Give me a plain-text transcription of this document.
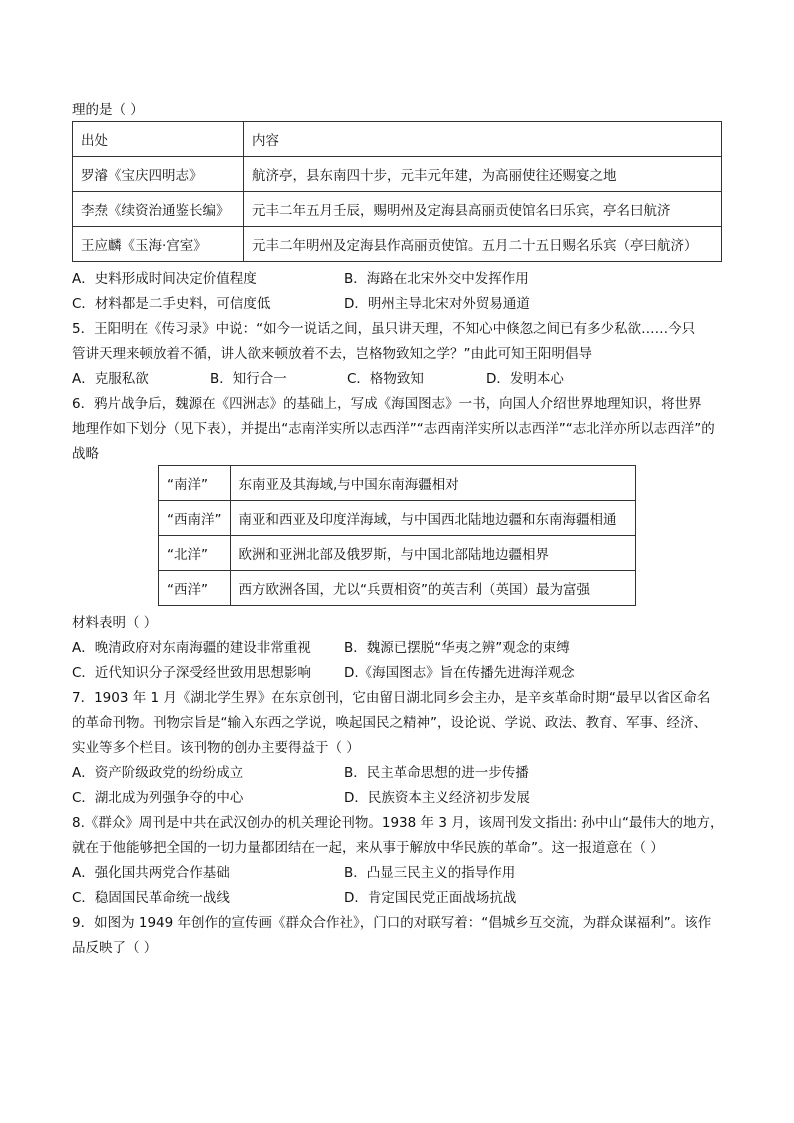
理的是（ ）
出处	内容
罗濬《宝庆四明志》	航济亭，县东南四十步，元丰元年建，为高丽使往还赐宴之地
李焘《续资治通鉴长编》	元丰二年五月壬辰，赐明州及定海县高丽贡使馆名曰乐宾，亭名曰航济
王应麟《玉海·宫室》	元丰二年明州及定海县作高丽贡使馆。五月二十五日赐名乐宾（亭曰航济）
A．史料形成时间决定价值程度	B．海路在北宋外交中发挥作用
C．材料都是二手史料，可信度低	D．明州主导北宋对外贸易通道
5．王阳明在《传习录》中说：“如今一说话之间，虽只讲天理，不知心中倏忽之间已有多少私欲……今只
管讲天理来顿放着不循，讲人欲来顿放着不去，岂格物致知之学？”由此可知王阳明倡导
A．克服私欲	B．知行合一	C．格物致知	D．发明本心
6．鸦片战争后，魏源在《四洲志》的基础上，写成《海国图志》一书，向国人介绍世界地理知识，将世界
地理作如下划分（见下表），并提出“志南洋实所以志西洋”“志西南洋实所以志西洋”“志北洋亦所以志西洋”的
战略
“南洋”	东南亚及其海域,与中国东南海疆相对
“西南洋”	南亚和西亚及印度洋海域，与中国西北陆地边疆和东南海疆相通
“北洋”	欧洲和亚洲北部及俄罗斯，与中国北部陆地边疆相界
“西洋”	西方欧洲各国，尤以“兵贾相资”的英吉利（英国）最为富强
材料表明（ ）
A．晚清政府对东南海疆的建设非常重视 B．魏源已摆脱“华夷之辨”观念的束缚
C．近代知识分子深受经世致用思想影响 D.《海国图志》旨在传播先进海洋观念
7．1903 年 1 月《湖北学生界》在东京创刊，它由留日湖北同乡会主办，是辛亥革命时期“最早以省区命名
的革命刊物。刊物宗旨是“输入东西之学说，唤起国民之精神”，设论说、学说、政法、教育、军事、经济、
实业等多个栏目。该刊物的创办主要得益于（ ）
A．资产阶级政党的纷纷成立	B．民主革命思想的进一步传播
C．湖北成为列强争夺的中心	D．民族资本主义经济初步发展
8.《群众》周刊是中共在武汉创办的机关理论刊物。1938 年 3 月，该周刊发文指出: 孙中山“最伟大的地方，
就在于他能够把全国的一切力量都团结在一起，来从事于解放中华民族的革命”。这一报道意在（ ）
A．强化国共两党合作基础	B．凸显三民主义的指导作用
C．稳固国民革命统一战线	D．肯定国民党正面战场抗战
9．如图为 1949 年创作的宣传画《群众合作社》，门口的对联写着：“倡城乡互交流，为群众谋福利”。该作
品反映了（ ）
